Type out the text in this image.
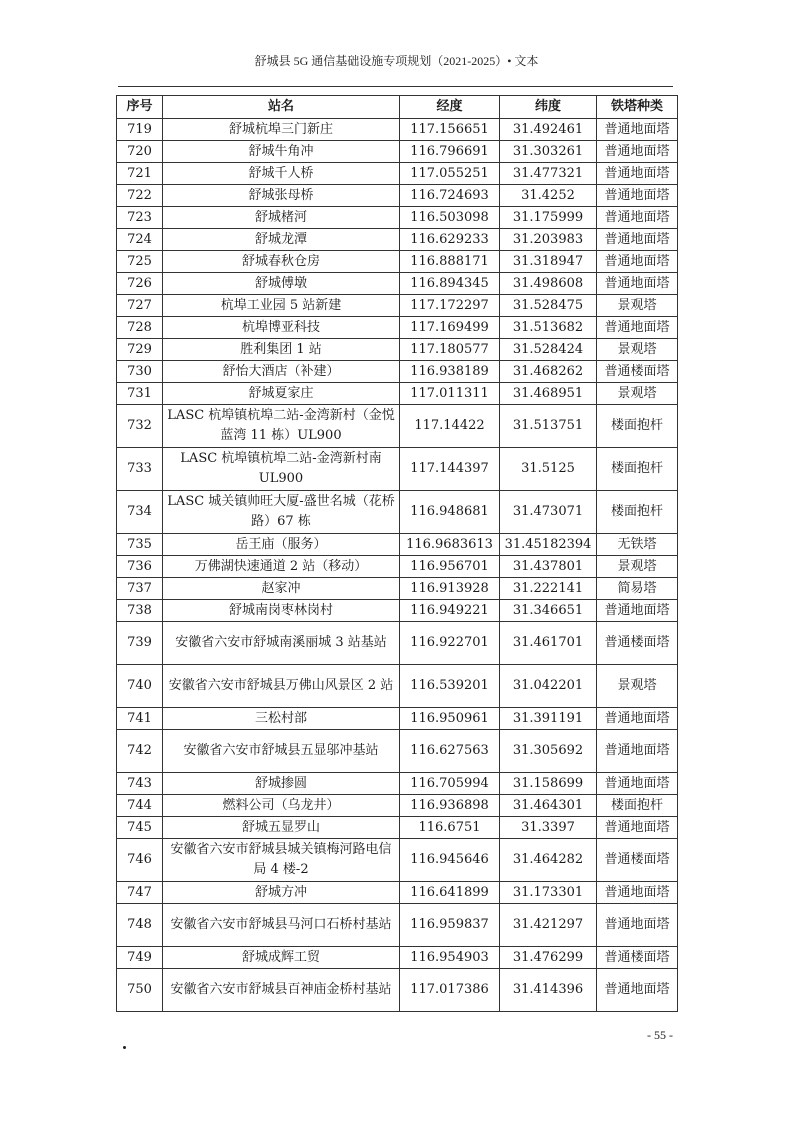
舒城县 5G 通信基础设施专项规划（2021-2025）• 文本
序号	站名	经度	纬度	铁塔种类
719	舒城杭埠三门新庄	117.156651	31.492461	普通地面塔
720	舒城牛角冲	116.796691	31.303261	普通地面塔
721	舒城千人桥	117.055251	31.477321	普通地面塔
722	舒城张母桥	116.724693	31.4252	普通地面塔
723	舒城楮河	116.503098	31.175999	普通地面塔
724	舒城龙潭	116.629233	31.203983	普通地面塔
725	舒城春秋仓房	116.888171	31.318947	普通地面塔
726	舒城傅墩	116.894345	31.498608	普通地面塔
727	杭埠工业园 5 站新建	117.172297	31.528475	景观塔
728	杭埠博亚科技	117.169499	31.513682	普通地面塔
729	胜利集团 1 站	117.180577	31.528424	景观塔
730	舒怡大酒店（补建）	116.938189	31.468262	普通楼面塔
731	舒城夏家庄	117.011311	31.468951	景观塔
732	LASC 杭埠镇杭埠二站-金湾新村（金悦蓝湾 11 栋）UL900	117.14422	31.513751	楼面抱杆
733	LASC 杭埠镇杭埠二站-金湾新村南 UL900	117.144397	31.5125	楼面抱杆
734	LASC 城关镇帅旺大厦-盛世名城（花桥路）67 栋	116.948681	31.473071	楼面抱杆
735	岳王庙（服务）	116.9683613	31.45182394	无铁塔
736	万佛湖快速通道 2 站（移动）	116.956701	31.437801	景观塔
737	赵家冲	116.913928	31.222141	简易塔
738	舒城南岗枣林岗村	116.949221	31.346651	普通地面塔
739	安徽省六安市舒城南溪丽城 3 站基站	116.922701	31.461701	普通楼面塔
740	安徽省六安市舒城县万佛山风景区 2 站	116.539201	31.042201	景观塔
741	三松村部	116.950961	31.391191	普通地面塔
742	安徽省六安市舒城县五显邬冲基站	116.627563	31.305692	普通地面塔
743	舒城掺圆	116.705994	31.158699	普通地面塔
744	燃料公司（乌龙井）	116.936898	31.464301	楼面抱杆
745	舒城五显罗山	116.6751	31.3397	普通地面塔
746	安徽省六安市舒城县城关镇梅河路电信局 4 楼-2	116.945646	31.464282	普通楼面塔
747	舒城方冲	116.641899	31.173301	普通地面塔
748	安徽省六安市舒城县马河口石桥村基站	116.959837	31.421297	普通地面塔
749	舒城成辉工贸	116.954903	31.476299	普通楼面塔
750	安徽省六安市舒城县百神庙金桥村基站	117.017386	31.414396	普通地面塔
- 55 -
